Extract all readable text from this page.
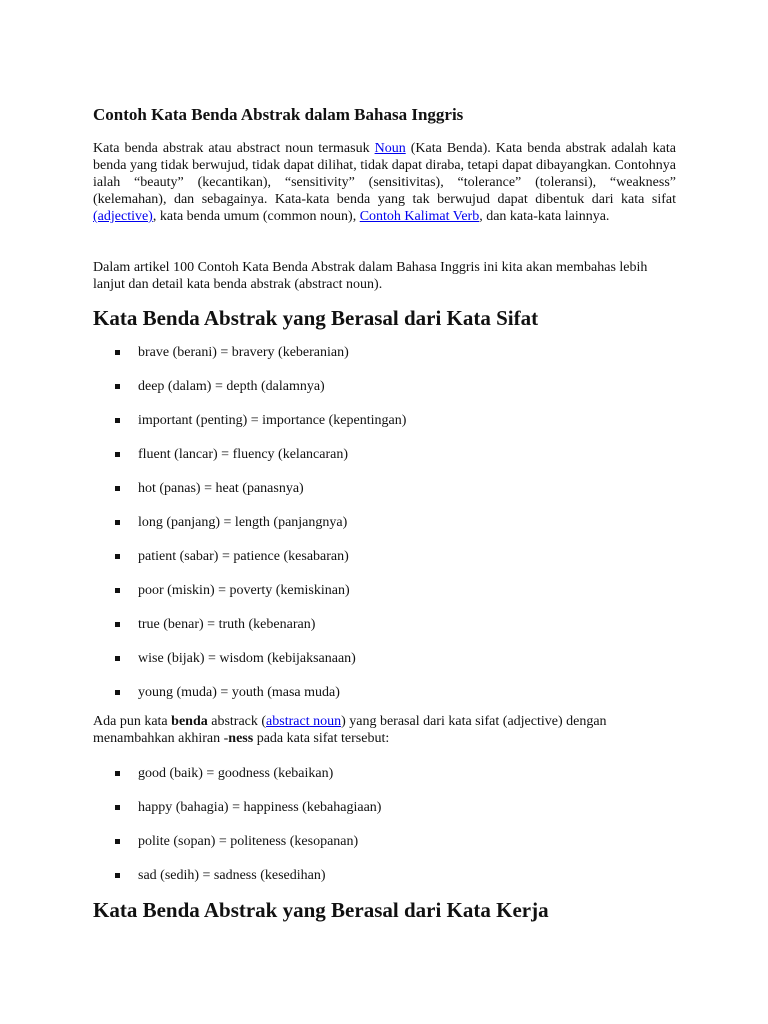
Contoh Kata Benda Abstrak dalam Bahasa Inggris

Kata benda abstrak atau abstract noun termasuk Noun (Kata Benda). Kata benda abstrak adalah kata benda yang tidak berwujud, tidak dapat dilihat, tidak dapat diraba, tetapi dapat dibayangkan. Contohnya ialah “beauty” (kecantikan), “sensitivity” (sensitivitas), “tolerance” (toleransi), “weakness” (kelemahan), dan sebagainya. Kata-kata benda yang tak berwujud dapat dibentuk dari kata sifat (adjective), kata benda umum (common noun), Contoh Kalimat Verb, dan kata-kata lainnya.

Dalam artikel 100 Contoh Kata Benda Abstrak dalam Bahasa Inggris ini kita akan membahas lebih lanjut dan detail kata benda abstrak (abstract noun).

Kata Benda Abstrak yang Berasal dari Kata Sifat
brave (berani) = bravery (keberanian)
deep (dalam) = depth (dalamnya)
important (penting) = importance (kepentingan)
fluent (lancar) = fluency (kelancaran)
hot (panas) = heat (panasnya)
long (panjang) = length (panjangnya)
patient (sabar) = patience (kesabaran)
poor (miskin) = poverty (kemiskinan)
true (benar) = truth (kebenaran)
wise (bijak) = wisdom (kebijaksanaan)
young (muda) = youth (masa muda)

Ada pun kata benda abstrack (abstract noun) yang berasal dari kata sifat (adjective) dengan menambahkan akhiran -ness pada kata sifat tersebut:

good (baik) = goodness (kebaikan)
happy (bahagia) = happiness (kebahagiaan)
polite (sopan) = politeness (kesopanan)
sad (sedih) = sadness (kesedihan)
Kata Benda Abstrak yang Berasal dari Kata Kerja
